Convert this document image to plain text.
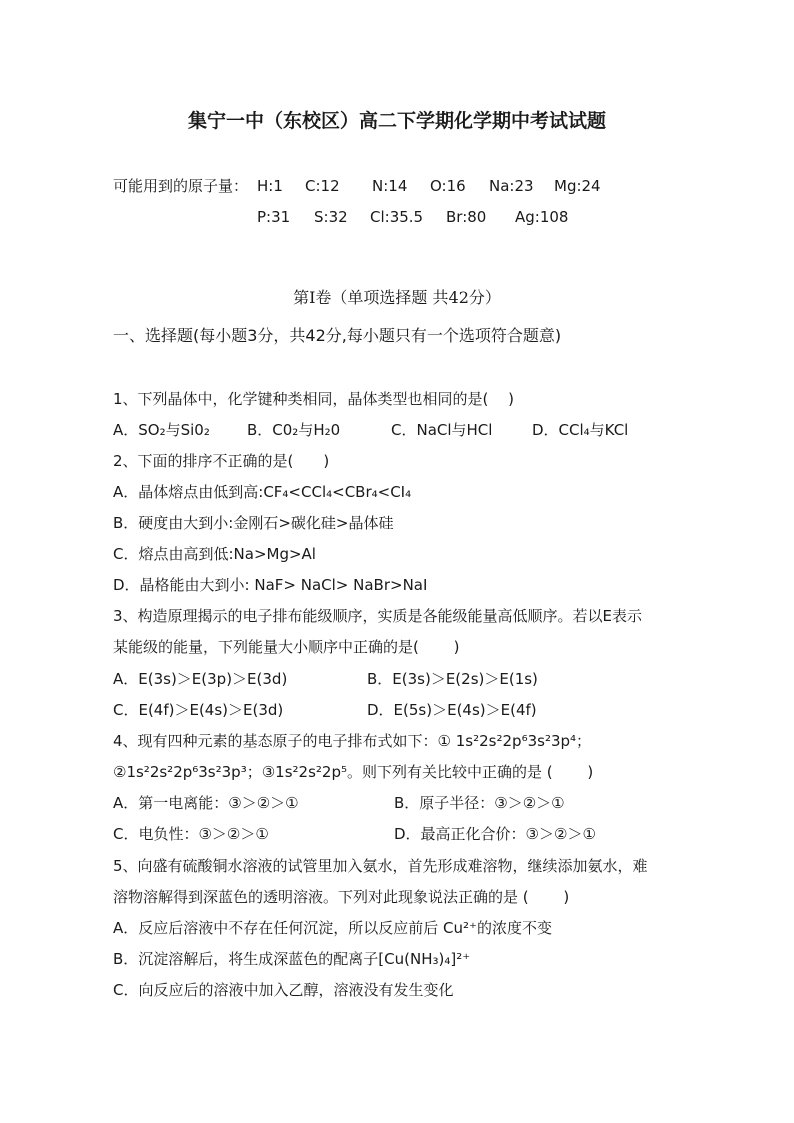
集宁一中（东校区）高二下学期化学期中考试试题
可能用到的原子量： H:1 C:12 N:14 O:16 Na:23 Mg:24
P:31 S:32 Cl:35.5 Br:80 Ag:108
第Ⅰ卷（单项选择题 共42分）
一、选择题(每小题3分，共42分,每小题只有一个选项符合题意)
1、下列晶体中，化学键种类相同，晶体类型也相同的是(　 )
A．SO₂与Si0₂ B．C0₂与H₂0	C．NaCl与HCl	D．CCl₄与KCl
2、下面的排序不正确的是(　　)
A．晶体熔点由低到高:CF₄<CCl₄<CBr₄<CI₄
B．硬度由大到小:金刚石>碳化硅>晶体硅
C．熔点由高到低:Na>Mg>Al
D．晶格能由大到小: NaF> NaCl> NaBr>NaI
3、构造原理揭示的电子排布能级顺序，实质是各能级能量高低顺序。若以E表示
某能级的能量，下列能量大小顺序中正确的是(　　 )
A．E(3s)＞E(3p)＞E(3d)	B．E(3s)＞E(2s)＞E(1s)
C．E(4f)＞E(4s)＞E(3d)	D．E(5s)＞E(4s)＞E(4f)
4、现有四种元素的基态原子的电子排布式如下：① 1s²2s²2p⁶3s²3p⁴；
②1s²2s²2p⁶3s²3p³；③1s²2s²2p⁵。则下列有关比较中正确的是 (　　 )
A．第一电离能：③＞②＞①	B．原子半径：③＞②＞①
C．电负性：③＞②＞①	D．最高正化合价：③＞②＞①
5、向盛有硫酸铜水溶液的试管里加入氨水，首先形成难溶物，继续添加氨水，难
溶物溶解得到深蓝色的透明溶液。下列对此现象说法正确的是 (　　 )
A．反应后溶液中不存在任何沉淀，所以反应前后 Cu²⁺的浓度不变
B．沉淀溶解后，将生成深蓝色的配离子[Cu(NH₃)₄]²⁺
C．向反应后的溶液中加入乙醇，溶液没有发生变化
